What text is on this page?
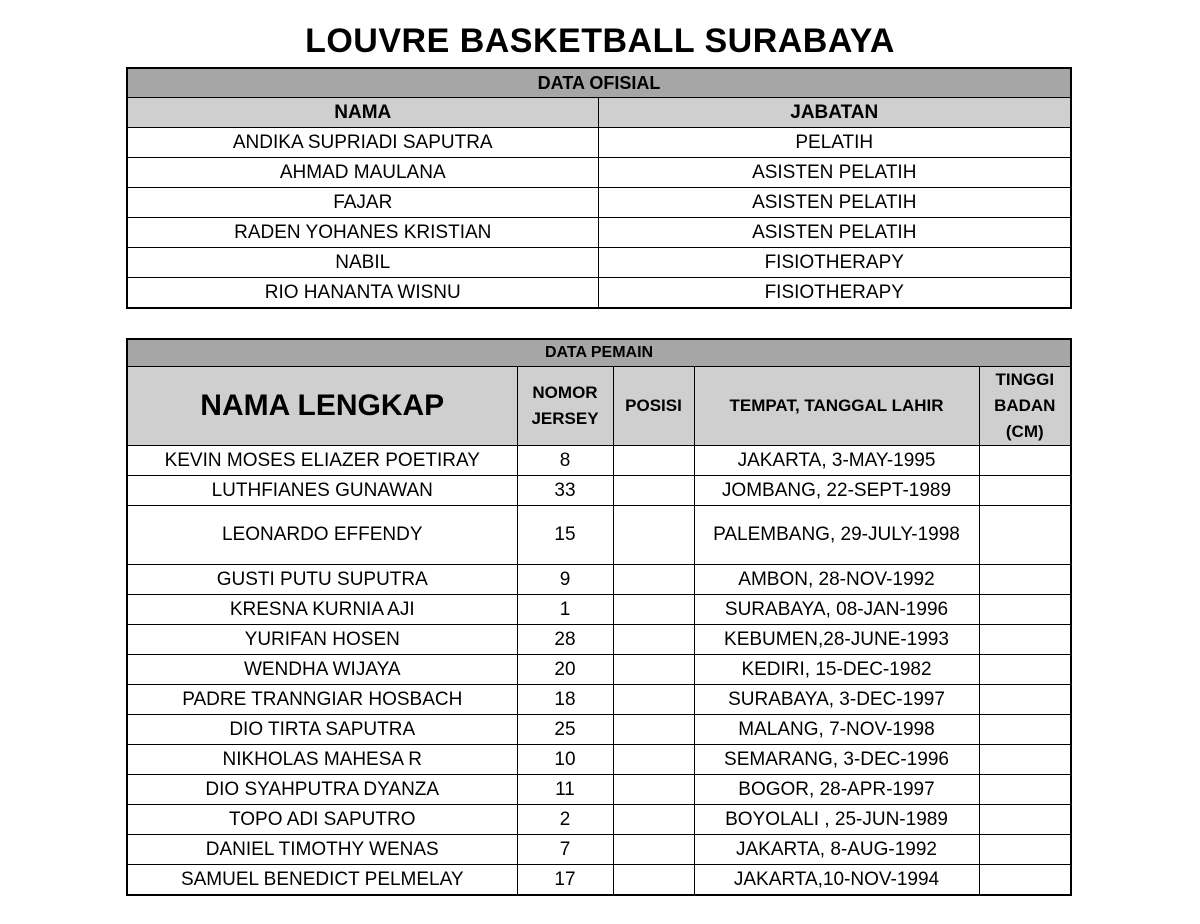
LOUVRE BASKETBALL SURABAYA
DATA OFISIAL	
NAMA	JABATAN
ANDIKA SUPRIADI SAPUTRA	PELATIH
AHMAD MAULANA	ASISTEN PELATIH
FAJAR	ASISTEN PELATIH
RADEN YOHANES KRISTIAN	ASISTEN PELATIH
NABIL	FISIOTHERAPY
RIO HANANTA WISNU	FISIOTHERAPY
DATA PEMAIN				
NAMA LENGKAP	NOMOR JERSEY	POSISI	TEMPAT, TANGGAL LAHIR	TINGGI BADAN (CM)
KEVIN MOSES ELIAZER POETIRAY	8		JAKARTA, 3-MAY-1995	
LUTHFIANES GUNAWAN	33		JOMBANG, 22-SEPT-1989	
LEONARDO EFFENDY	15		PALEMBANG, 29-JULY-1998	
GUSTI PUTU SUPUTRA	9		AMBON, 28-NOV-1992	
KRESNA KURNIA AJI	1		SURABAYA, 08-JAN-1996	
YURIFAN HOSEN	28		KEBUMEN,28-JUNE-1993	
WENDHA WIJAYA	20		KEDIRI, 15-DEC-1982	
PADRE TRANNGIAR HOSBACH	18		SURABAYA, 3-DEC-1997	
DIO TIRTA SAPUTRA	25		MALANG, 7-NOV-1998	
NIKHOLAS MAHESA R	10		SEMARANG, 3-DEC-1996	
DIO SYAHPUTRA DYANZA	11		BOGOR, 28-APR-1997	
TOPO ADI SAPUTRO	2		BOYOLALI , 25-JUN-1989	
DANIEL TIMOTHY WENAS	7		JAKARTA, 8-AUG-1992	
SAMUEL BENEDICT PELMELAY	17		JAKARTA,10-NOV-1994	
